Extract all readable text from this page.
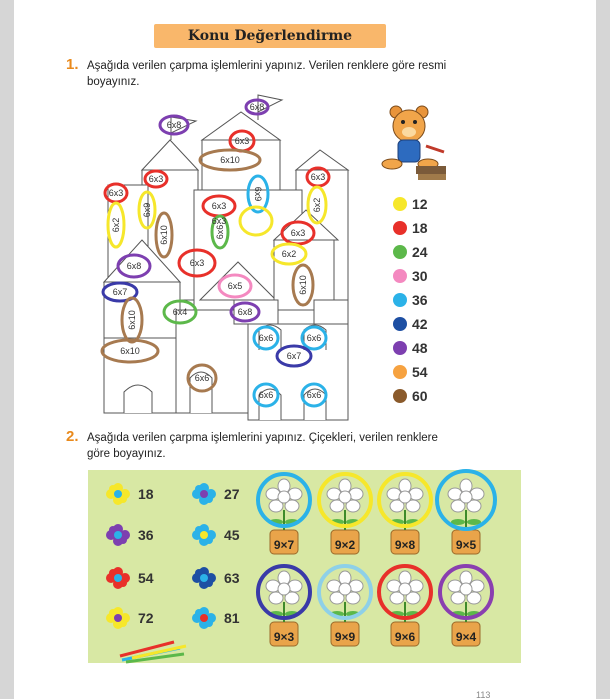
Konu Değerlendirme
1. Aşağıda verilen çarpma işlemlerini yapınız. Verilen renklere göre resmi
boyayınız.
6x8
6x8
6x3
6x10
6x3	6x3
6x3
6x2
6x9
6x10
6x3
6x9
6x2
6x3
6x6
6x3
6x8
6x3
6x2
6x7
6x5	6x10
6x10	6x4	6x8
6x6	6x6
6x7
6x10
6x6
6x6	6x6
12
18
24
30
36
42
48
54
60
2. Aşağıda verilen çarpma işlemlerini yapınız. Çiçekleri, verilen renklere
göre boyayınız.
18	27
36	45
54	63
72	81
9×7	9×2	9×8	9×5
9×3	9×9	9×6	9×4
113
